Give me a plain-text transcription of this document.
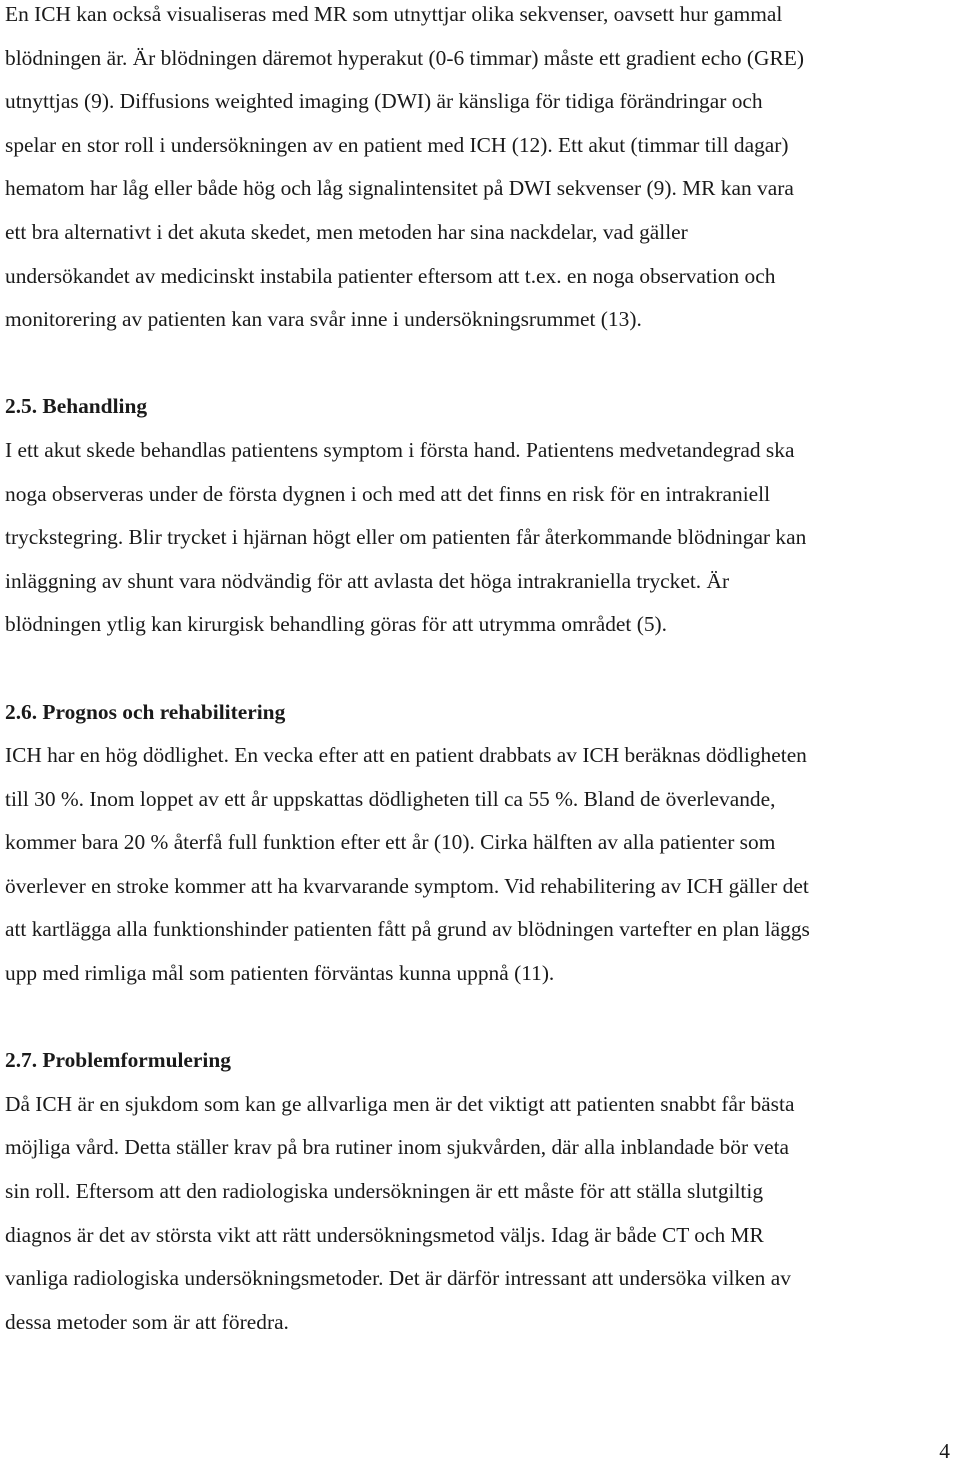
En ICH kan också visualiseras med MR som utnyttjar olika sekvenser, oavsett hur gammal
blödningen är. Är blödningen däremot hyperakut (0-6 timmar) måste ett gradient echo (GRE)
utnyttjas (9). Diffusions weighted imaging (DWI) är känsliga för tidiga förändringar och
spelar en stor roll i undersökningen av en patient med ICH (12). Ett akut (timmar till dagar)
hematom har låg eller både hög och låg signalintensitet på DWI sekvenser (9). MR kan vara
ett bra alternativt i det akuta skedet, men metoden har sina nackdelar, vad gäller
undersökandet av medicinskt instabila patienter eftersom att t.ex. en noga observation och
monitorering av patienten kan vara svår inne i undersökningsrummet (13).
2.5. Behandling
I ett akut skede behandlas patientens symptom i första hand. Patientens medvetandegrad ska
noga observeras under de första dygnen i och med att det finns en risk för en intrakraniell
tryckstegring. Blir trycket i hjärnan högt eller om patienten får återkommande blödningar kan
inläggning av shunt vara nödvändig för att avlasta det höga intrakraniella trycket. Är
blödningen ytlig kan kirurgisk behandling göras för att utrymma området (5).
2.6. Prognos och rehabilitering
ICH har en hög dödlighet. En vecka efter att en patient drabbats av ICH beräknas dödligheten
till 30 %. Inom loppet av ett år uppskattas dödligheten till ca 55 %. Bland de överlevande,
kommer bara 20 % återfå full funktion efter ett år (10). Cirka hälften av alla patienter som
överlever en stroke kommer att ha kvarvarande symptom. Vid rehabilitering av ICH gäller det
att kartlägga alla funktionshinder patienten fått på grund av blödningen vartefter en plan läggs
upp med rimliga mål som patienten förväntas kunna uppnå (11).
2.7. Problemformulering
Då ICH är en sjukdom som kan ge allvarliga men är det viktigt att patienten snabbt får bästa
möjliga vård. Detta ställer krav på bra rutiner inom sjukvården, där alla inblandade bör veta
sin roll. Eftersom att den radiologiska undersökningen är ett måste för att ställa slutgiltig
diagnos är det av största vikt att rätt undersökningsmetod väljs. Idag är både CT och MR
vanliga radiologiska undersökningsmetoder. Det är därför intressant att undersöka vilken av
dessa metoder som är att föredra.
4
